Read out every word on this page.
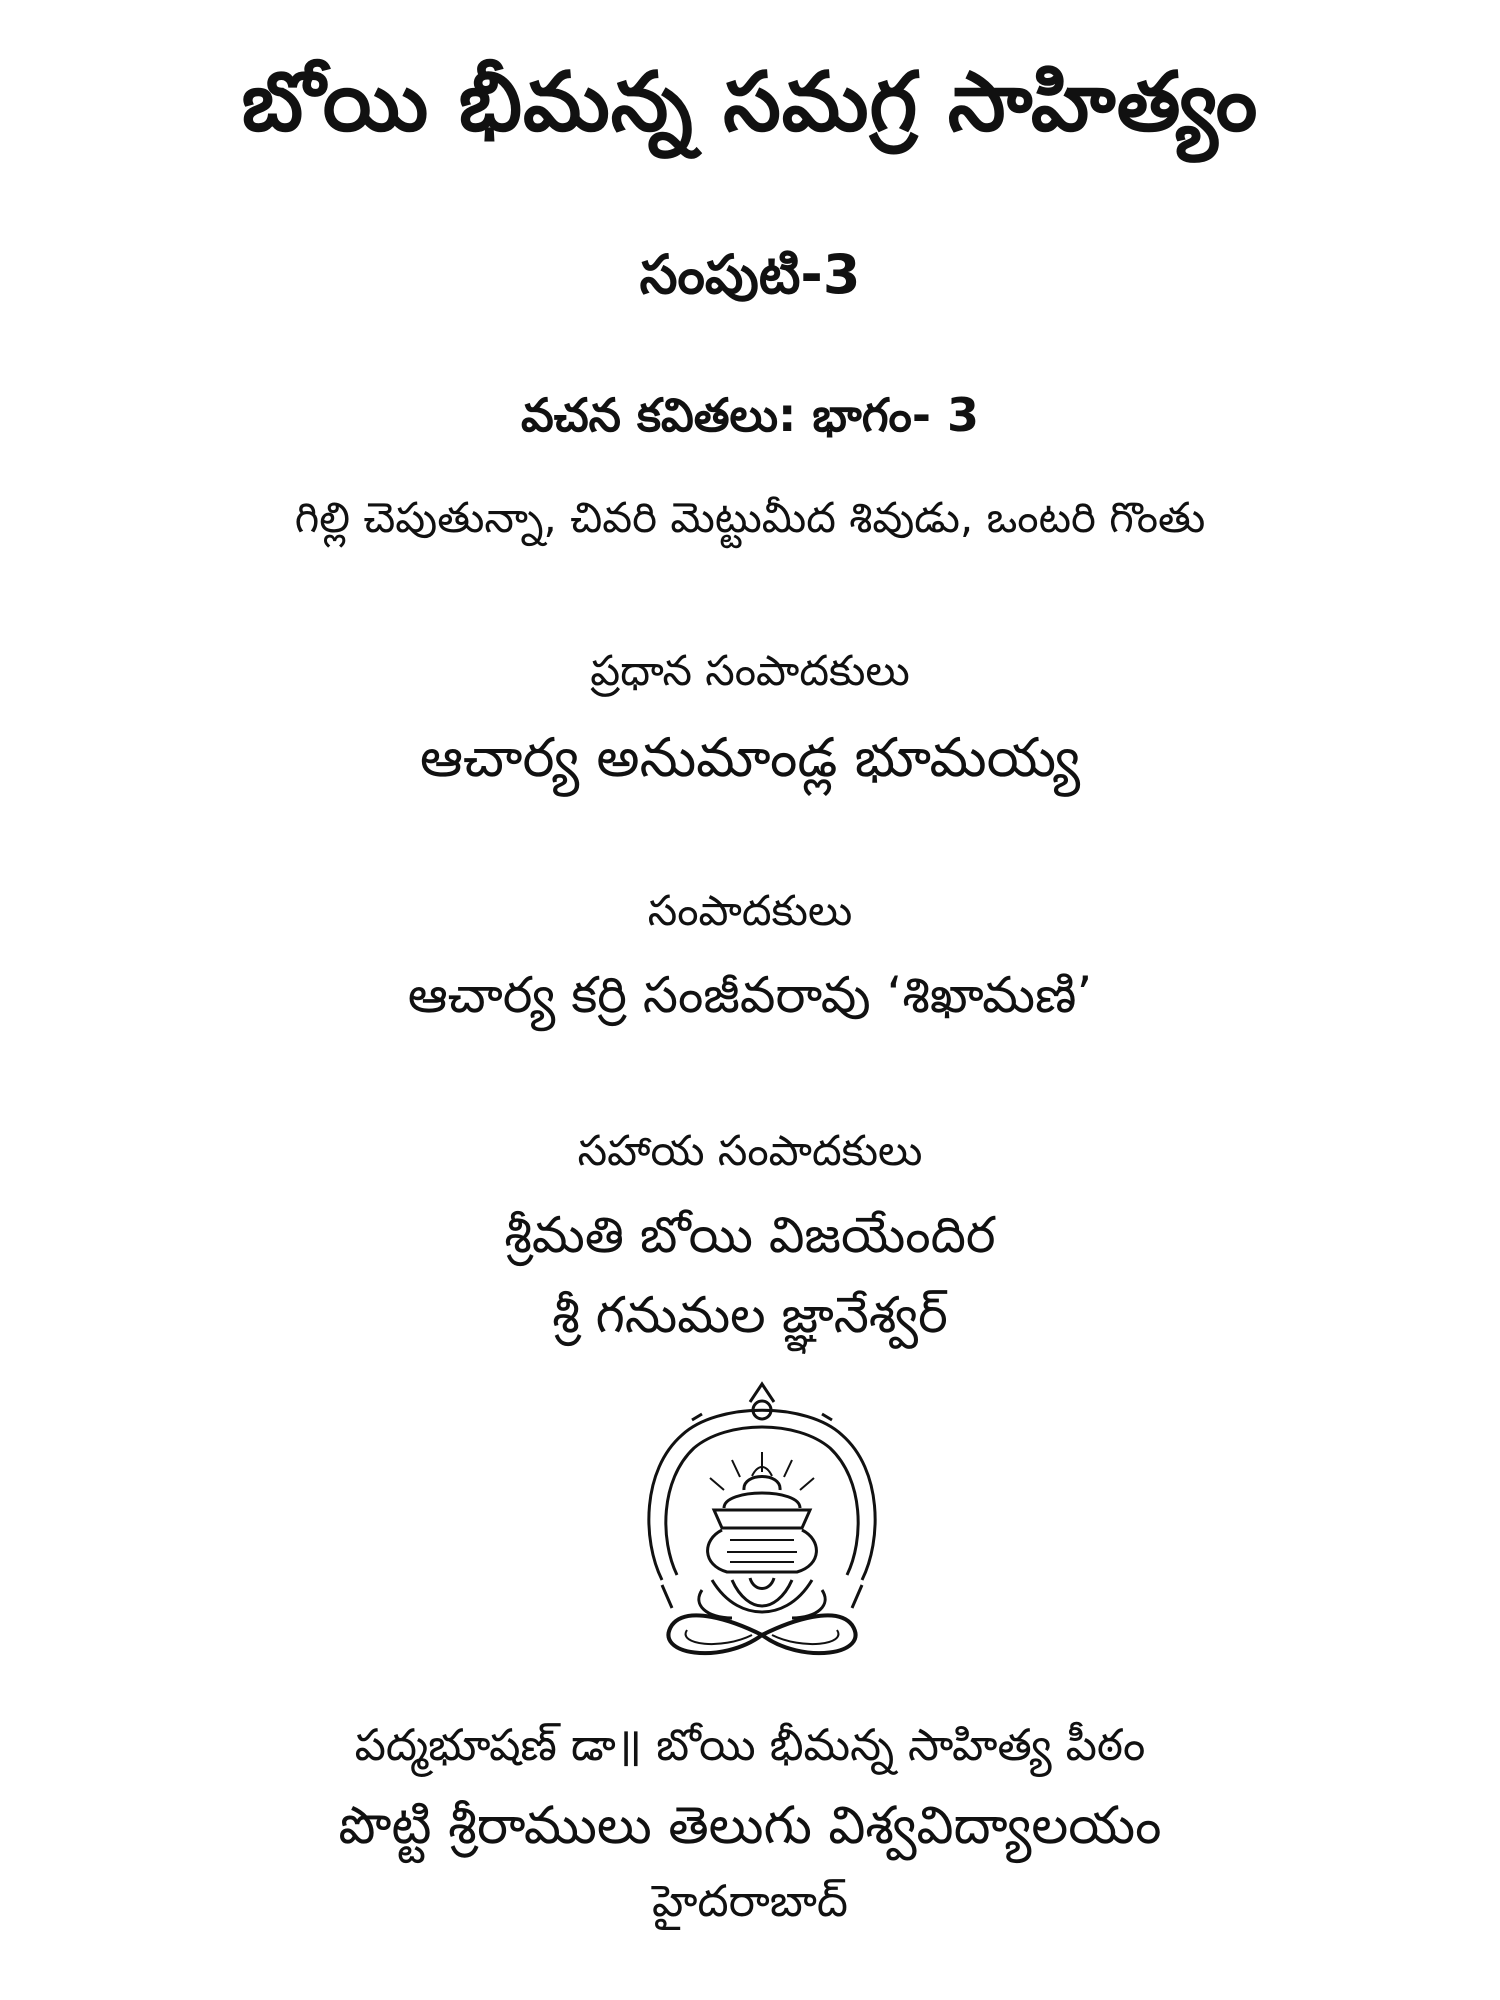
బోయి భీమన్న సమగ్ర సాహిత్యం
సంపుటి-3
వచన కవితలు: భాగం- 3
గిల్లి చెపుతున్నా, చివరి మెట్టుమీద శివుడు, ఒంటరి గొంతు
ప్రధాన సంపాదకులు
ఆచార్య అనుమాండ్ల భూమయ్య
సంపాదకులు
ఆచార్య కర్రి సంజీవరావు ‘శిఖామణి’
సహాయ సంపాదకులు
శ్రీమతి బోయి విజయేందిర
శ్రీ గనుమల జ్ఞానేశ్వర్
పద్మభూషణ్ డా॥ బోయి భీమన్న సాహిత్య పీఠం
పొట్టి శ్రీరాములు తెలుగు విశ్వవిద్యాలయం
హైదరాబాద్
